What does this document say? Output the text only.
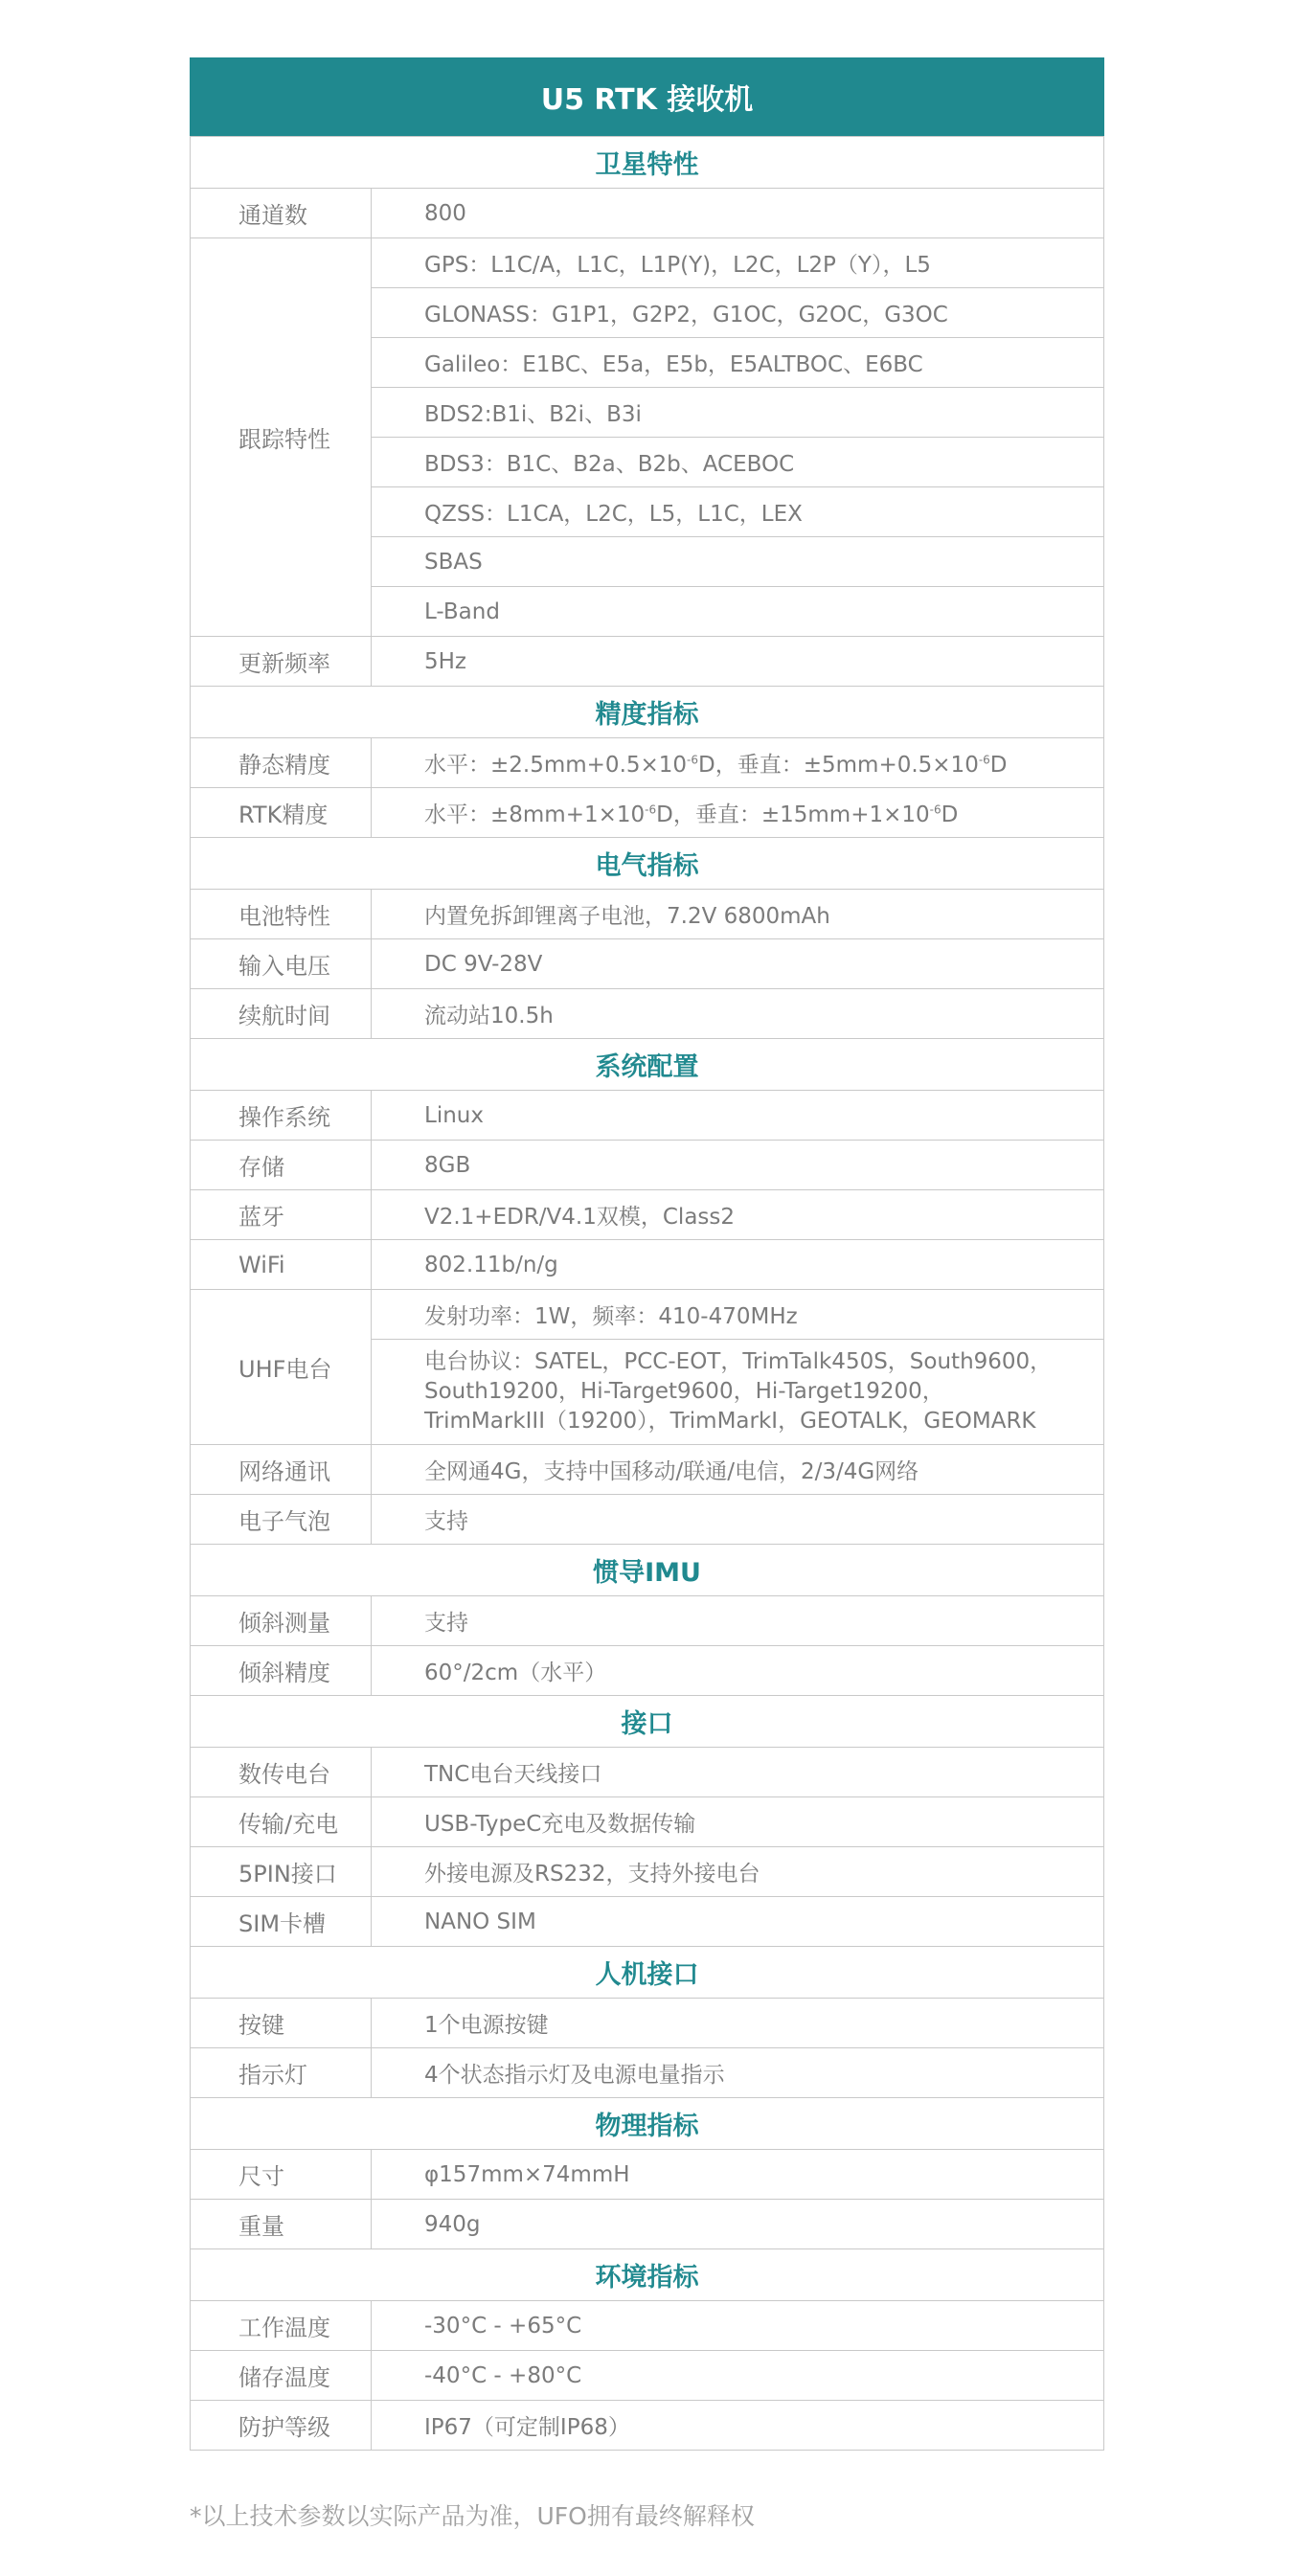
U5 RTK 接收机
卫星特性	
通道数	800
跟踪特性	GPS：L1C/A，L1C，L1P(Y)，L2C，L2P（Y），L5
	GLONASS：G1P1，G2P2，G1OC，G2OC，G3OC
	Galileo：E1BC、E5a，E5b，E5ALTBOC、E6BC
	BDS2:B1i、B2i、B3i
	BDS3：B1C、B2a、B2b、ACEBOC
	QZSS：L1CA，L2C，L5，L1C，LEX
	SBAS
	L-Band
更新频率	5Hz
精度指标	
静态精度	水平：$\pm 2.5mm+0.5\times 10^{-6}D$，垂直：$\pm 5mm+0.5\times 10^{-6}D$
RTK精度	水平：$\pm 8mm+1\times 10^{-6}D$，垂直：$\pm 15mm+1\times 10^{-6}D$
电气指标	
电池特性	内置免拆卸锂离子电池，7.2V 6800mAh
输入电压	DC 9V-28V
续航时间	流动站10.5h
系统配置	
操作系统	Linux
存储	8GB
蓝牙	V2.1+EDR/V4.1双模，Class2
WiFi	802.11b/n/g
UHF电台	发射功率：1W，频率：410-470MHz

	电台协议：SATEL，PCC-EOT，TrimTalk450S，South9600，
South19200，Hi-Target9600，Hi-Target19200，
TrimMarkIII（19200），TrimMarkI，GEOTALK，GEOMARK

网络通讯	全网通4G，支持中国移动/联通/电信，2/3/4G网络
电子气泡	支持
惯导IMU	
倾斜测量	支持
倾斜精度	60°/2cm（水平）
接口	
数传电台	TNC电台天线接口
传输/充电	USB-TypeC充电及数据传输
5PIN接口	外接电源及RS232，支持外接电台
SIM卡槽	NANO SIM
人机接口	
按键	1个电源按键
指示灯	4个状态指示灯及电源电量指示
物理指标	
尺寸	φ157mm×74mmH
重量	940g
环境指标	
工作温度	-30°C - +65°C
储存温度	-40°C - +80°C
防护等级	IP67（可定制IP68）
*以上技术参数以实际产品为准，UFO拥有最终解释权
